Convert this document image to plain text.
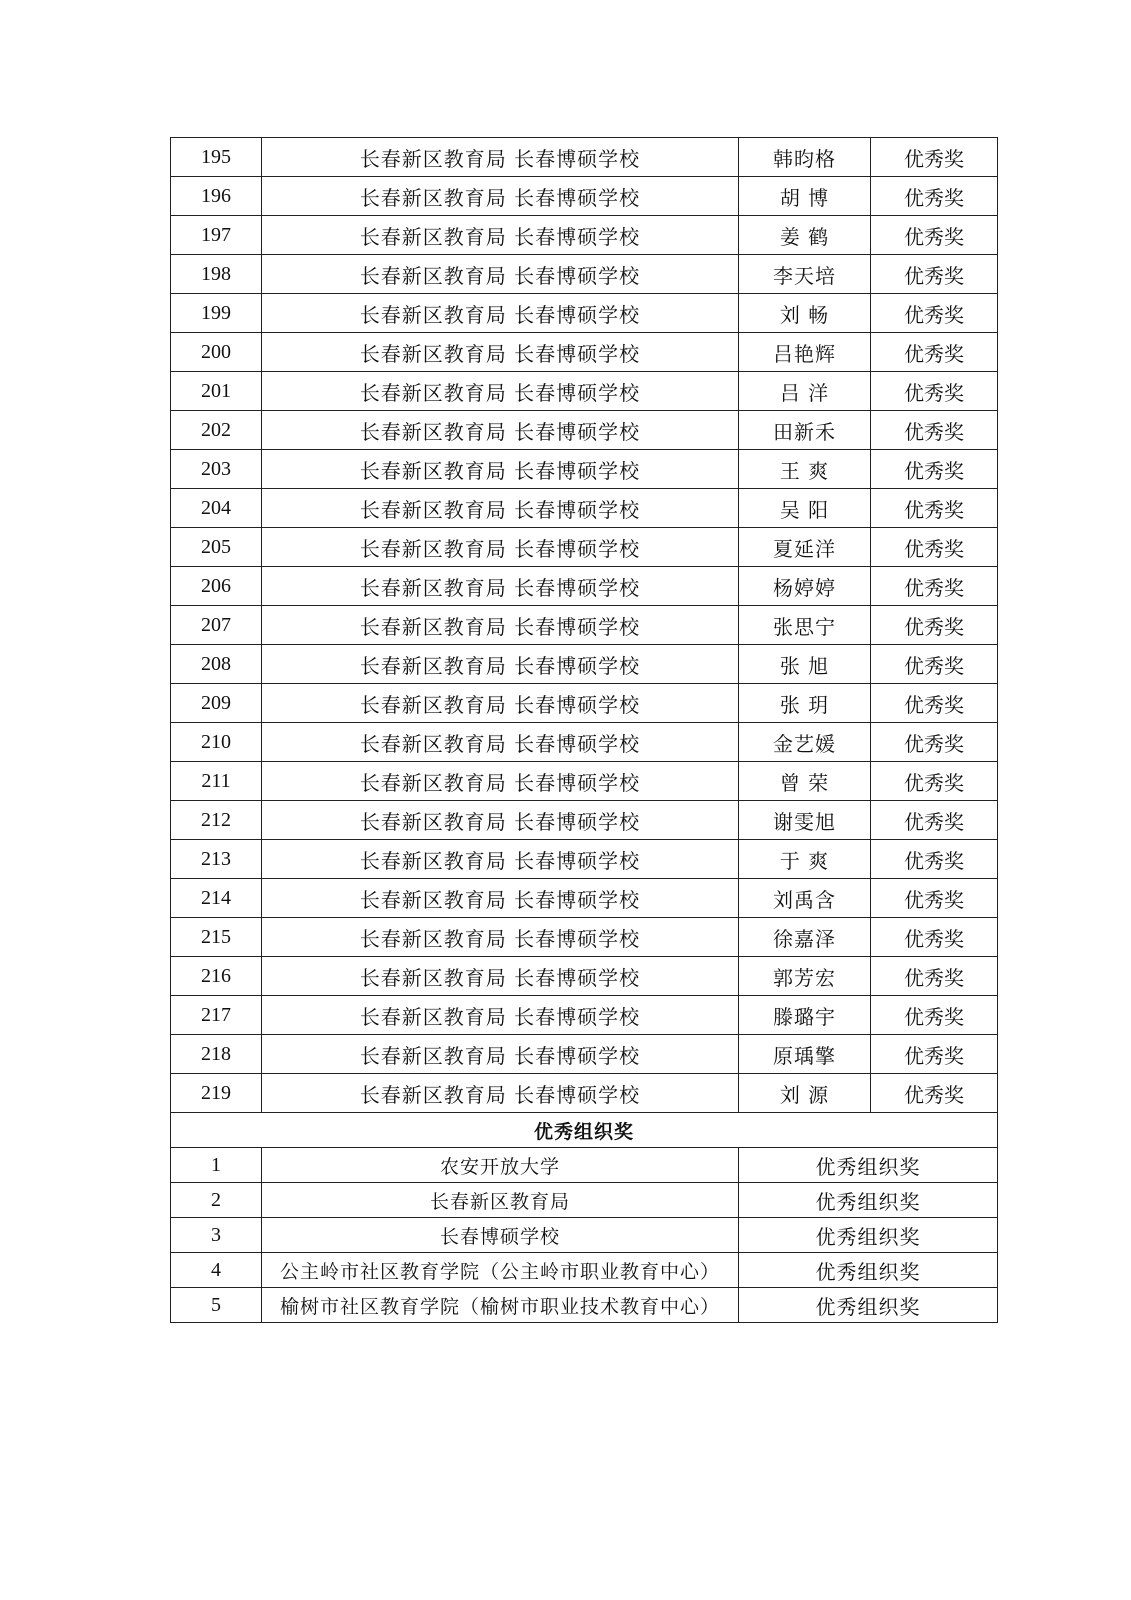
195	长春新区教育局 长春博硕学校	韩昀格	优秀奖
196	长春新区教育局 长春博硕学校	胡 博	优秀奖
197	长春新区教育局 长春博硕学校	姜 鹤	优秀奖
198	长春新区教育局 长春博硕学校	李天培	优秀奖
199	长春新区教育局 长春博硕学校	刘 畅	优秀奖
200	长春新区教育局 长春博硕学校	吕艳辉	优秀奖
201	长春新区教育局 长春博硕学校	吕 洋	优秀奖
202	长春新区教育局 长春博硕学校	田新禾	优秀奖
203	长春新区教育局 长春博硕学校	王 爽	优秀奖
204	长春新区教育局 长春博硕学校	吴 阳	优秀奖
205	长春新区教育局 长春博硕学校	夏延洋	优秀奖
206	长春新区教育局 长春博硕学校	杨婷婷	优秀奖
207	长春新区教育局 长春博硕学校	张思宁	优秀奖
208	长春新区教育局 长春博硕学校	张 旭	优秀奖
209	长春新区教育局 长春博硕学校	张 玥	优秀奖
210	长春新区教育局 长春博硕学校	金艺媛	优秀奖
211	长春新区教育局 长春博硕学校	曾 荣	优秀奖
212	长春新区教育局 长春博硕学校	谢雯旭	优秀奖
213	长春新区教育局 长春博硕学校	于 爽	优秀奖
214	长春新区教育局 长春博硕学校	刘禹含	优秀奖
215	长春新区教育局 长春博硕学校	徐嘉泽	优秀奖
216	长春新区教育局 长春博硕学校	郭芳宏	优秀奖
217	长春新区教育局 长春博硕学校	滕璐宇	优秀奖
218	长春新区教育局 长春博硕学校	原瑀擎	优秀奖
219	长春新区教育局 长春博硕学校	刘 源	优秀奖
优秀组织奖			
1	农安开放大学	优秀组织奖	
2	长春新区教育局	优秀组织奖	
3	长春博硕学校	优秀组织奖	
4	公主岭市社区教育学院（公主岭市职业教育中心）	优秀组织奖	
5	榆树市社区教育学院（榆树市职业技术教育中心）	优秀组织奖	
